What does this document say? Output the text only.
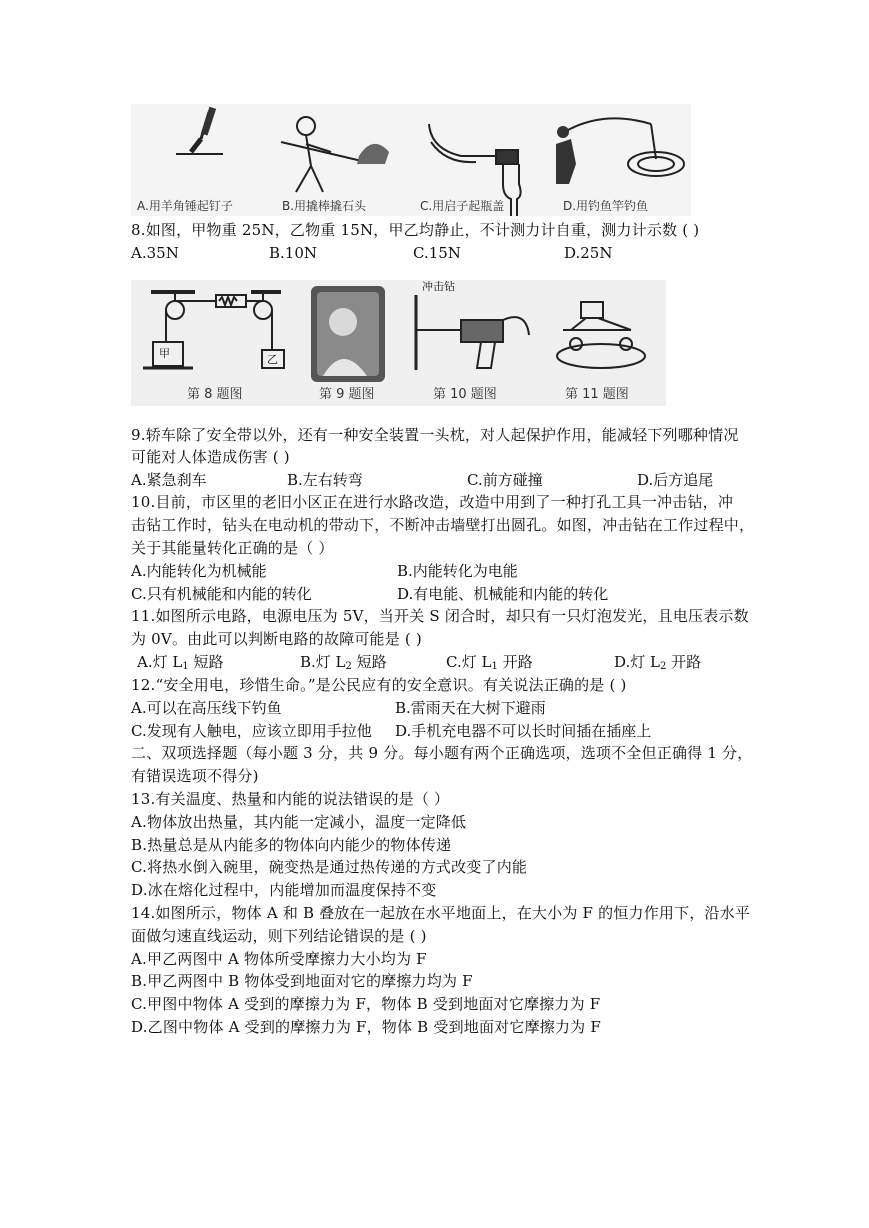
A.用羊角锤起钉子	B.用撬棒撬石头	C.用启子起瓶盖	D.用钓鱼竿钓鱼
8.如图，甲物重 25N，乙物重 15N，甲乙均静止，不计测力计自重，测力计示数 ( )
A.35N	B.10N	C.15N	D.25N
甲	乙
冲击钻
第 8 题图	第 9 题图	第 10 题图	第 11 题图
9.轿车除了安全带以外，还有一种安全装置一头枕，对人起保护作用，能减轻下列哪种情况
可能对人体造成伤害 ( )
A.紧急刹车	B.左右转弯	C.前方碰撞	D.后方追尾
10.目前，市区里的老旧小区正在进行水路改造，改造中用到了一种打孔工具一冲击钻，冲
击钻工作时，钻头在电动机的带动下，不断冲击墙壁打出圆孔。如图，冲击钻在工作过程中，
关于其能量转化正确的是（ ）
A.内能转化为机械能	B.内能转化为电能
C.只有机械能和内能的转化	D.有电能、机械能和内能的转化
11.如图所示电路，电源电压为 5V，当开关 S 闭合时，却只有一只灯泡发光，且电压表示数
为 0V。由此可以判断电路的故障可能是 ( )
A.灯 $L_1$ 短路	B.灯 $L_2$ 短路	C.灯 $L_1$ 开路	D.灯 $L_2$ 开路
12.“安全用电，珍惜生命。”是公民应有的安全意识。有关说法正确的是 ( )
A.可以在高压线下钓鱼	B.雷雨天在大树下避雨
C.发现有人触电，应该立即用手拉他 D.手机充电器不可以长时间插在插座上
二、双项选择题（每小题 3 分，共 9 分。每小题有两个正确选项，选项不全但正确得 1 分，
有错误选项不得分)
13.有关温度、热量和内能的说法错误的是（ ）
A.物体放出热量，其内能一定减小，温度一定降低
B.热量总是从内能多的物体向内能少的物体传递
C.将热水倒入碗里，碗变热是通过热传递的方式改变了内能
D.冰在熔化过程中，内能增加而温度保持不变
14.如图所示，物体 A 和 B 叠放在一起放在水平地面上，在大小为 F 的恒力作用下，沿水平
面做匀速直线运动，则下列结论错误的是 ( )
A.甲乙两图中 A 物体所受摩擦力大小均为 F
B.甲乙两图中 B 物体受到地面对它的摩擦力均为 F
C.甲图中物体 A 受到的摩擦力为 F，物体 B 受到地面对它摩擦力为 F
D.乙图中物体 A 受到的摩擦力为 F，物体 B 受到地面对它摩擦力为 F
